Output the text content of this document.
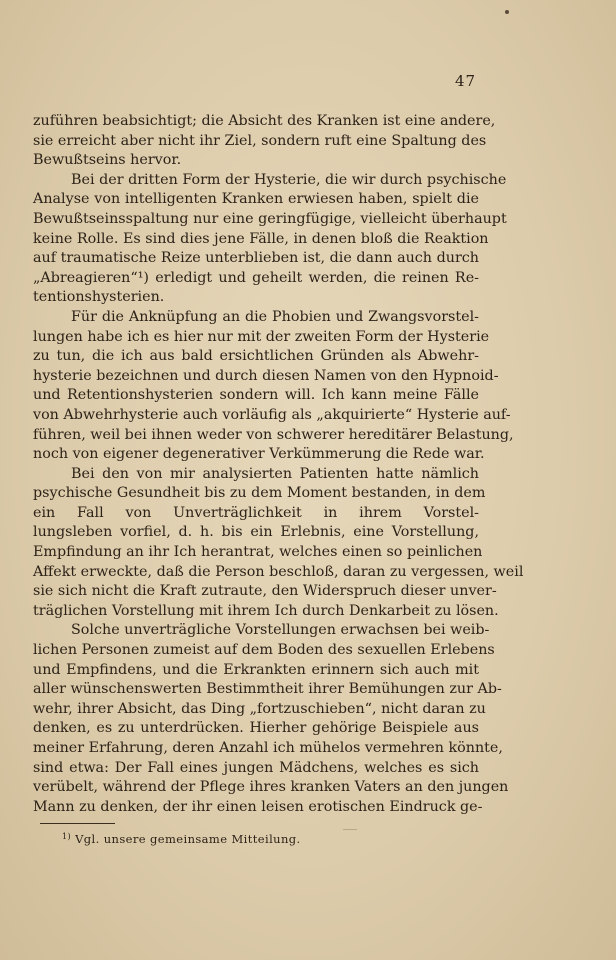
47
zuführen beabsichtigt; die Absicht des Kranken ist eine andere,
sie erreicht aber nicht ihr Ziel, sondern ruft eine Spaltung des
Bewußtseins hervor.
Bei der dritten Form der Hysterie, die wir durch psychische
Analyse von intelligenten Kranken erwiesen haben, spielt die
Bewußtseinsspaltung nur eine geringfügige, vielleicht überhaupt
keine Rolle. Es sind dies jene Fälle, in denen bloß die Reaktion
auf traumatische Reize unterblieben ist, die dann auch durch
„Abreagieren“¹) erledigt und geheilt werden, die reinen Re-
tentionshysterien.
Für die Anknüpfung an die Phobien und Zwangsvorstel-
lungen habe ich es hier nur mit der zweiten Form der Hysterie
zu tun, die ich aus bald ersichtlichen Gründen als Abwehr-
hysterie bezeichnen und durch diesen Namen von den Hypnoid-
und Retentionshysterien sondern will. Ich kann meine Fälle
von Abwehrhysterie auch vorläufig als „akquirierte“ Hysterie auf-
führen, weil bei ihnen weder von schwerer hereditärer Belastung,
noch von eigener degenerativer Verkümmerung die Rede war.
Bei den von mir analysierten Patienten hatte nämlich
psychische Gesundheit bis zu dem Moment bestanden, in dem
ein Fall von Unverträglichkeit in ihrem Vorstel-
lungsleben vorfiel, d. h. bis ein Erlebnis, eine Vorstellung,
Empfindung an ihr Ich herantrat, welches einen so peinlichen
Affekt erweckte, daß die Person beschloß, daran zu vergessen, weil
sie sich nicht die Kraft zutraute, den Widerspruch dieser unver-
träglichen Vorstellung mit ihrem Ich durch Denkarbeit zu lösen.
Solche unverträgliche Vorstellungen erwachsen bei weib-
lichen Personen zumeist auf dem Boden des sexuellen Erlebens
und Empfindens, und die Erkrankten erinnern sich auch mit
aller wünschenswerten Bestimmtheit ihrer Bemühungen zur Ab-
wehr, ihrer Absicht, das Ding „fortzuschieben“, nicht daran zu
denken, es zu unterdrücken. Hierher gehörige Beispiele aus
meiner Erfahrung, deren Anzahl ich mühelos vermehren könnte,
sind etwa: Der Fall eines jungen Mädchens, welches es sich
verübelt, während der Pflege ihres kranken Vaters an den jungen
Mann zu denken, der ihr einen leisen erotischen Eindruck ge-
$^{1)}$ Vgl. unsere gemeinsame Mitteilung.
